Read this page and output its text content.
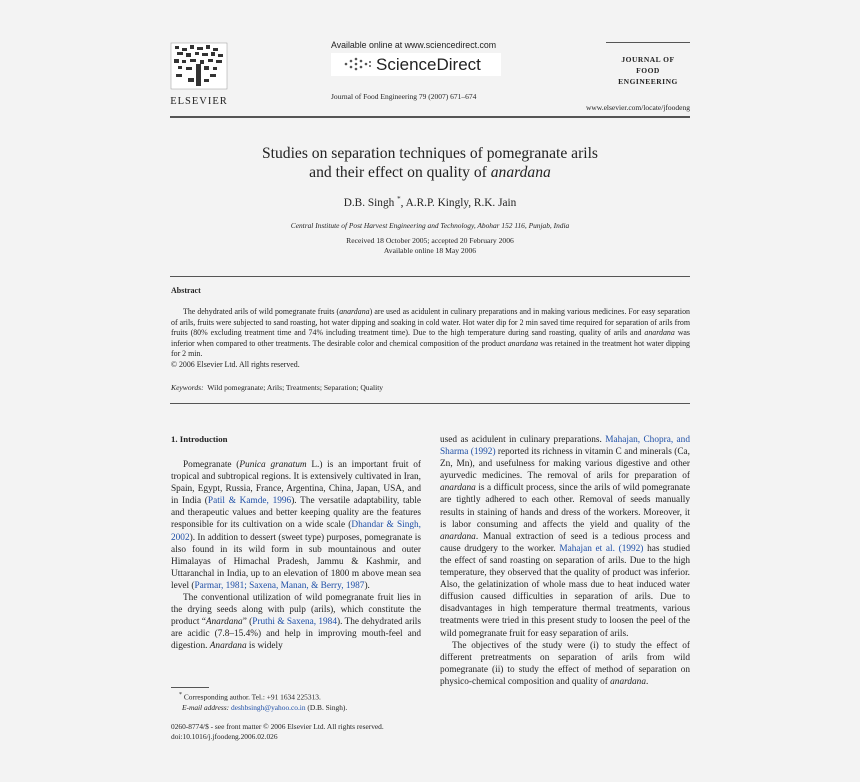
ELSEVIER
Available online at www.sciencedirect.com
ScienceDirect
Journal of Food Engineering 79 (2007) 671–674
JOURNAL OF
FOOD
ENGINEERING
www.elsevier.com/locate/jfoodeng
Studies on separation techniques of pomegranate arils
and their effect on quality of anardana
D.B. Singh *, A.R.P. Kingly, R.K. Jain
Central Institute of Post Harvest Engineering and Technology, Abohar 152 116, Punjab, India
Received 18 October 2005; accepted 20 February 2006
Available online 18 May 2006
Abstract
The dehydrated arils of wild pomegranate fruits (anardana) are used as acidulent in culinary preparations and in making various medicines. For easy separation of arils, fruits were subjected to sand roasting, hot water dipping and soaking in cold water. Hot water dip for 2 min saved time required for separation of arils from fruits (80% excluding treatment time and 74% including treatment time). Due to the high temperature during sand roasting, quality of arils and anardana was inferior when compared to other treatments. The desirable color and chemical composition of the product anardana was retained in the treatment hot water dipping for 2 min.
© 2006 Elsevier Ltd. All rights reserved.
Keywords: Wild pomegranate; Arils; Treatments; Separation; Quality
1. Introduction

Pomegranate (Punica granatum L.) is an important fruit of tropical and subtropical regions. It is extensively cultivated in Iran, Spain, Egypt, Russia, France, Argentina, China, Japan, USA, and in India (Patil & Kamde, 1996). The versatile adaptability, table and therapeutic values and better keeping quality are the features responsible for its cultivation on a wide scale (Dhandar & Singh, 2002). In addition to dessert (sweet type) purposes, pomegranate is also found in its wild form in sub mountainous and outer Himalayas of Himachal Pradesh, Jammu & Kashmir, and Uttaranchal in India, up to an elevation of 1800 m above mean sea level (Parmar, 1981; Saxena, Manan, & Berry, 1987).

The conventional utilization of wild pomegranate fruit lies in the drying seeds along with pulp (arils), which constitute the product “Anardana” (Pruthi & Saxena, 1984). The dehydrated arils are acidic (7.8–15.4%) and help in improving mouth-feel and digestion. Anardana is widely

* Corresponding author. Tel.: +91 1634 225313.
E-mail address: deshbsingh@yahoo.co.in (D.B. Singh).
0260-8774/$ - see front matter © 2006 Elsevier Ltd. All rights reserved.
doi:10.1016/j.jfoodeng.2006.02.026
used as acidulent in culinary preparations. Mahajan, Chopra, and Sharma (1992) reported its richness in vitamin C and minerals (Ca, Zn, Mn), and usefulness for making various digestive and other ayurvedic medicines. The removal of arils for preparation of anardana is a difficult process, since the arils of wild pomegranate are tightly adhered to each other. Removal of seeds manually results in staining of hands and dress of the workers. Moreover, it is labor consuming and affects the yield and quality of the anardana. Manual extraction of seed is a tedious process and cause drudgery to the worker. Mahajan et al. (1992) has studied the effect of sand roasting on separation of arils. Due to the high temperature, they observed that the quality of product was inferior. Also, the gelatinization of whole mass due to heat induced water diffusion caused difficulties in separation of arils. Due to disadvantages in high temperature thermal treatments, various treatments were tried in this present study to loosen the peel of the wild pomegranate fruit for easy separation of arils.

The objectives of the study were (i) to study the effect of different pretreatments on separation of arils from wild pomegranate (ii) to study the effect of method of separation on physico-chemical composition and quality of anardana.
